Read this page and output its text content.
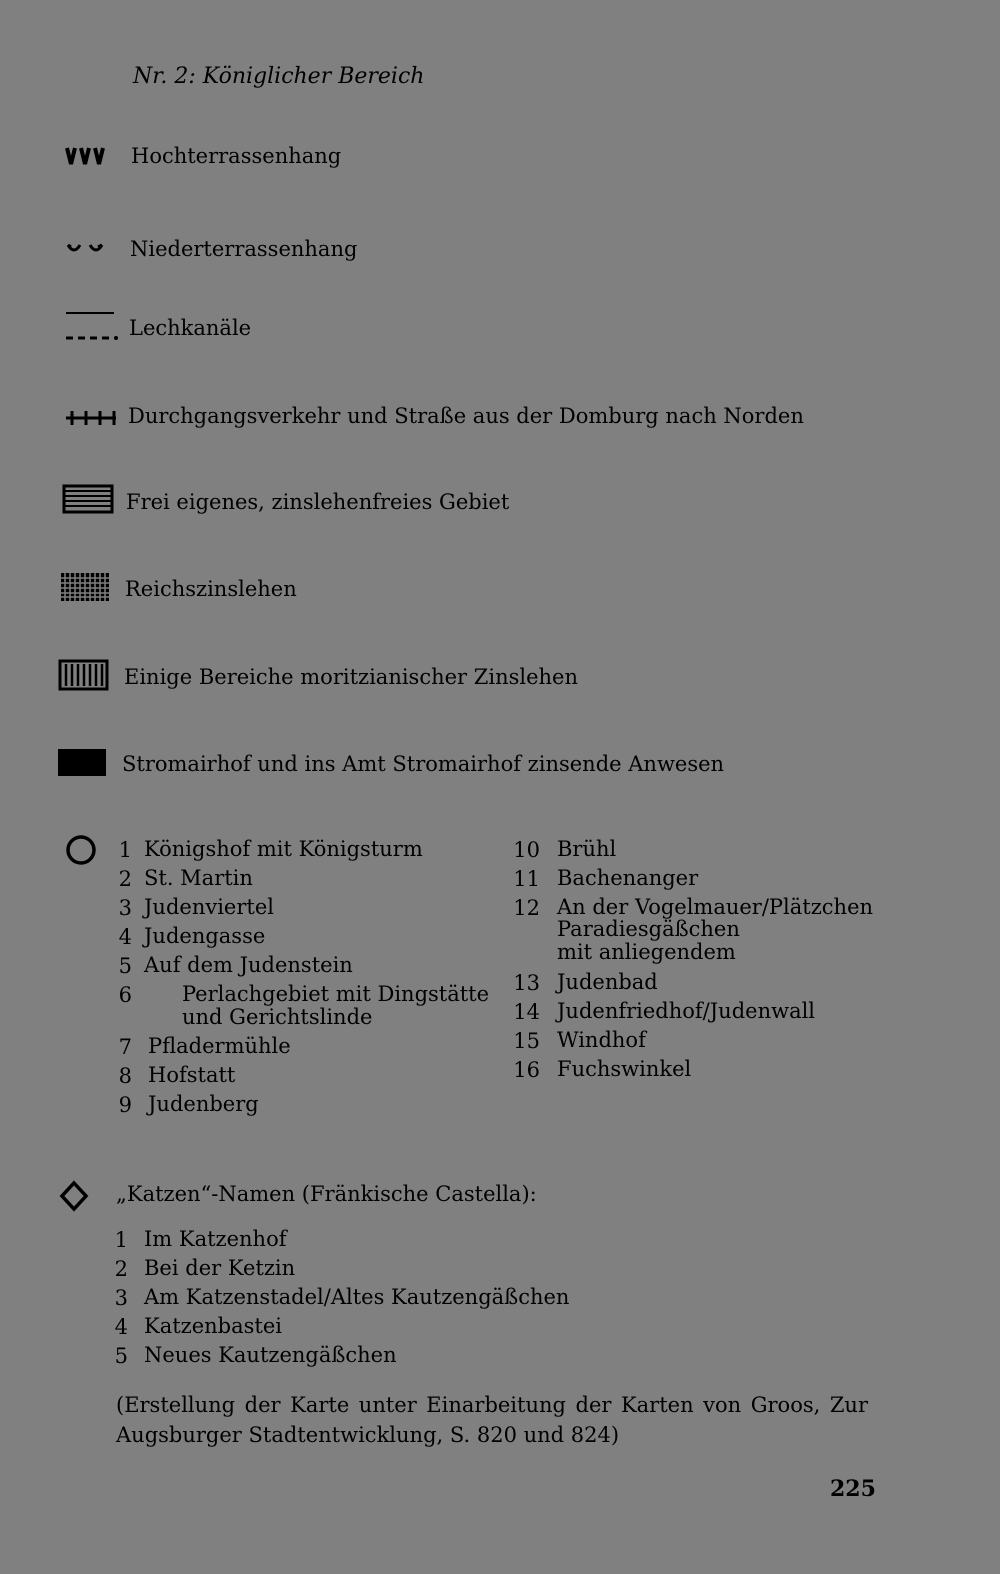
Nr. 2: Königlicher Bereich
Hochterrassenhang
Niederterrassenhang
Lechkanäle
Durchgangsverkehr und Straße aus der Domburg nach Norden
Frei eigenes, zinslehenfreies Gebiet
Reichszinslehen
Einige Bereiche moritzianischer Zinslehen
Stromairhof und ins Amt Stromairhof zinsende Anwesen
1 Königshof mit Königsturm
2 St. Martin
3 Judenviertel
4 Judengasse
5 Auf dem Judenstein
6 Perlachgebiet mit Dingstätte
und Gerichtslinde
7 Pfladermühle
8 Hofstatt
9 Judenberg
10 Brühl
11 Bachenanger
12 An der Vogelmauer/Plätzchen
Paradiesgäßchen
mit anliegendem
13 Judenbad
14 Judenfriedhof/Judenwall
15 Windhof
16 Fuchswinkel
„Katzen“-Namen (Fränkische Castella):
1 Im Katzenhof
2 Bei der Ketzin
3 Am Katzenstadel/Altes Kautzengäßchen
4 Katzenbastei
5 Neues Kautzengäßchen
(Erstellung der Karte unter Einarbeitung der Karten von Groos, Zur Augsburger Stadtentwicklung, S. 820 und 824)
225
